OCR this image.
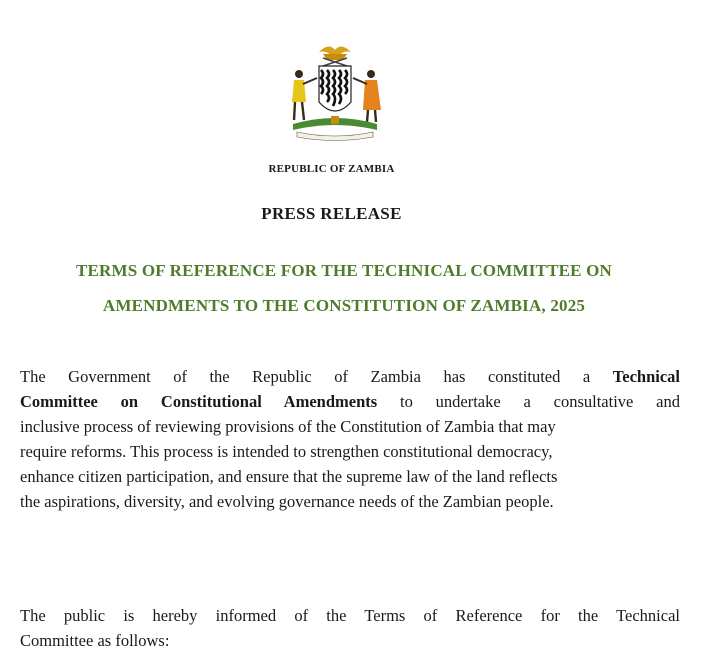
REPUBLIC OF ZAMBIA
PRESS RELEASE
TERMS OF REFERENCE FOR THE TECHNICAL COMMITTEE ON
AMENDMENTS TO THE CONSTITUTION OF ZAMBIA, 2025
The Government of the Republic of Zambia has constituted a Technical
Committee on Constitutional Amendments to undertake a consultative and
inclusive process of reviewing provisions of the Constitution of Zambia that may
require reforms. This process is intended to strengthen constitutional democracy,
enhance citizen participation, and ensure that the supreme law of the land reflects
the aspirations, diversity, and evolving governance needs of the Zambian people.
The public is hereby informed of the Terms of Reference for the Technical
Committee as follows:
